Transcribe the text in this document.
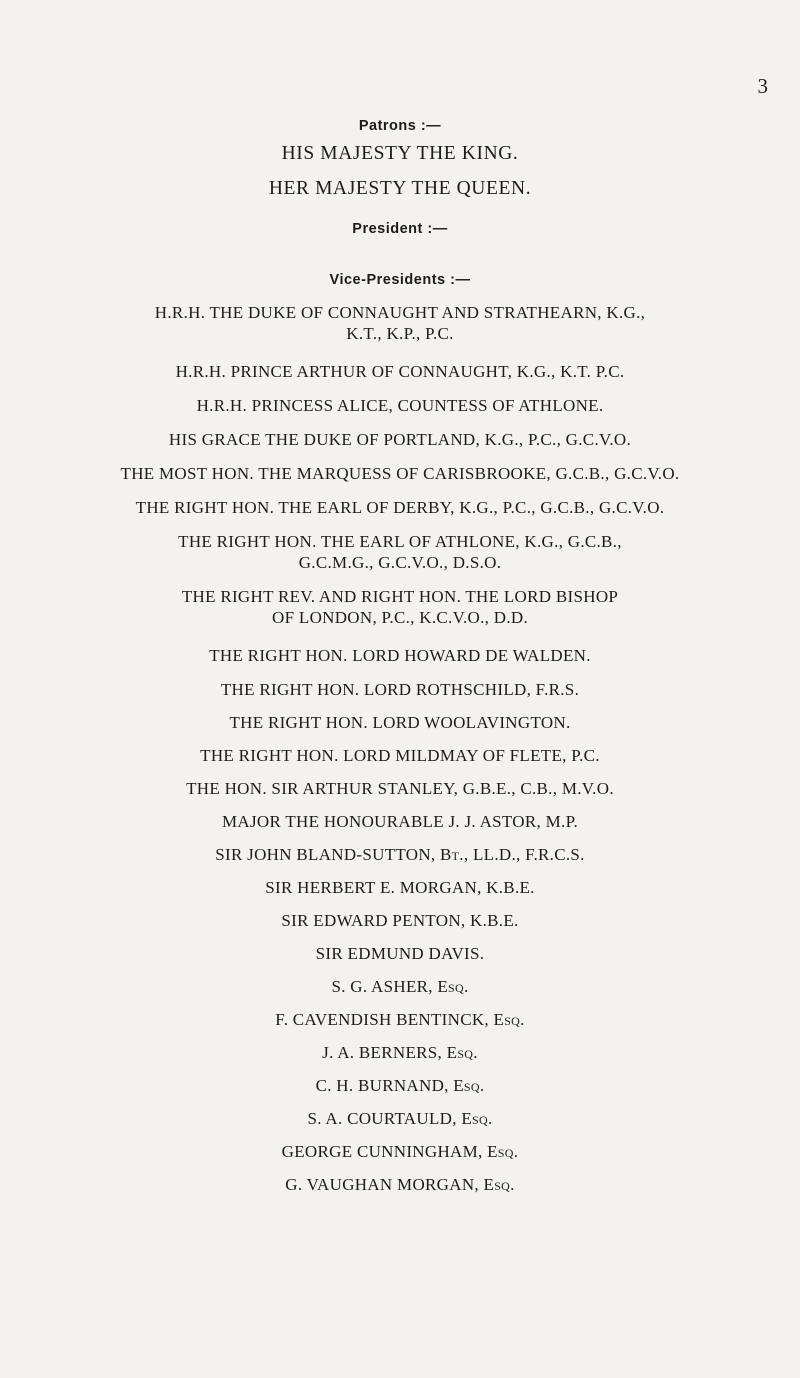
3
Patrons :—
HIS MAJESTY THE KING.
HER MAJESTY THE QUEEN.
President :—
Vice-Presidents :—
H.R.H. THE DUKE OF CONNAUGHT AND STRATHEARN, K.G.,
K.T., K.P., P.C.
H.R.H. PRINCE ARTHUR OF CONNAUGHT, K.G., K.T. P.C.
H.R.H. PRINCESS ALICE, COUNTESS OF ATHLONE.
HIS GRACE THE DUKE OF PORTLAND, K.G., P.C., G.C.V.O.
THE MOST HON. THE MARQUESS OF CARISBROOKE, G.C.B., G.C.V.O.
THE RIGHT HON. THE EARL OF DERBY, K.G., P.C., G.C.B., G.C.V.O.
THE RIGHT HON. THE EARL OF ATHLONE, K.G., G.C.B.,
G.C.M.G., G.C.V.O., D.S.O.
THE RIGHT REV. AND RIGHT HON. THE LORD BISHOP
OF LONDON, P.C., K.C.V.O., D.D.
THE RIGHT HON. LORD HOWARD DE WALDEN.
THE RIGHT HON. LORD ROTHSCHILD, F.R.S.
THE RIGHT HON. LORD WOOLAVINGTON.
THE RIGHT HON. LORD MILDMAY OF FLETE, P.C.
THE HON. SIR ARTHUR STANLEY, G.B.E., C.B., M.V.O.
MAJOR THE HONOURABLE J. J. ASTOR, M.P.
SIR JOHN BLAND-SUTTON, Bt., LL.D., F.R.C.S.
SIR HERBERT E. MORGAN, K.B.E.
SIR EDWARD PENTON, K.B.E.
SIR EDMUND DAVIS.
S. G. ASHER, Esq.
F. CAVENDISH BENTINCK, Esq.
J. A. BERNERS, Esq.
C. H. BURNAND, Esq.
S. A. COURTAULD, Esq.
GEORGE CUNNINGHAM, Esq.
G. VAUGHAN MORGAN, Esq.
